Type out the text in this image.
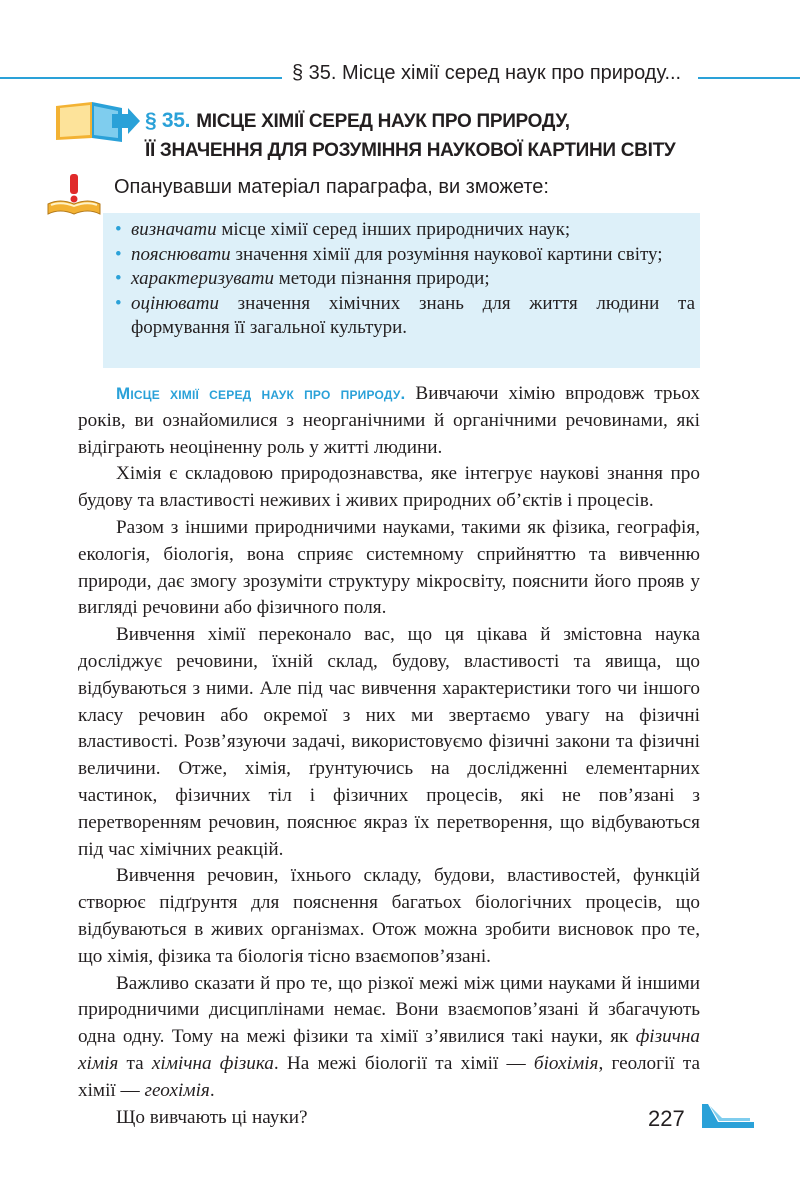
§ 35. Місце хімії серед наук про природу...
§ 35. МІСЦЕ ХІМІЇ СЕРЕД НАУК ПРО ПРИРОДУ,
ЇЇ ЗНАЧЕННЯ ДЛЯ РОЗУМІННЯ НАУКОВОЇ КАРТИНИ СВІТУ
Опанувавши матеріал параграфа, ви зможете:
• визначати місце хімії серед інших природничих наук;
• пояснювати значення хімії для розуміння наукової картини світу;
• характеризувати методи пізнання природи;
• оцінювати значення хімічних знань для життя людини та формування її загальної культури.

Місце хімії серед наук про природу. Вивчаючи хімію впродовж трьох років, ви ознайомилися з неорганічними й органічними речовинами, які відіграють неоціненну роль у житті людини.

Хімія є складовою природознавства, яке інтегрує наукові знання про будову та властивості неживих і живих природних об’єктів і процесів.

Разом з іншими природничими науками, такими як фізика, географія, екологія, біологія, вона сприяє системному сприйняттю та вивченню природи, дає змогу зрозуміти структуру мікросвіту, пояснити його прояв у вигляді речовини або фізичного поля.

Вивчення хімії переконало вас, що ця цікава й змістовна наука досліджує речовини, їхній склад, будову, властивості та явища, що відбуваються з ними. Але під час вивчення характеристики того чи іншого класу речовин або окремої з них ми звертаємо увагу на фізичні властивості. Розв’язуючи задачі, використовуємо фізичні закони та фізичні величини. Отже, хімія, ґрунтуючись на дослідженні елементарних частинок, фізичних тіл і фізичних процесів, які не пов’язані з перетворенням речовин, пояснює якраз їх перетворення, що відбуваються під час хімічних реакцій.

Вивчення речовин, їхнього складу, будови, властивостей, функцій створює підґрунтя для пояснення багатьох біологічних процесів, що відбуваються в живих організмах. Отож можна зробити висновок про те, що хімія, фізика та біологія тісно взаємопов’язані.

Важливо сказати й про те, що різкої межі між цими науками й іншими природничими дисциплінами немає. Вони взаємопов’язані й збагачують одна одну. Тому на межі фізики та хімії з’явилися такі науки, як фізична хімія та хімічна фізика. На межі біології та хімії — біохімія, геології та хімії — геохімія.

Що вивчають ці науки?	227
